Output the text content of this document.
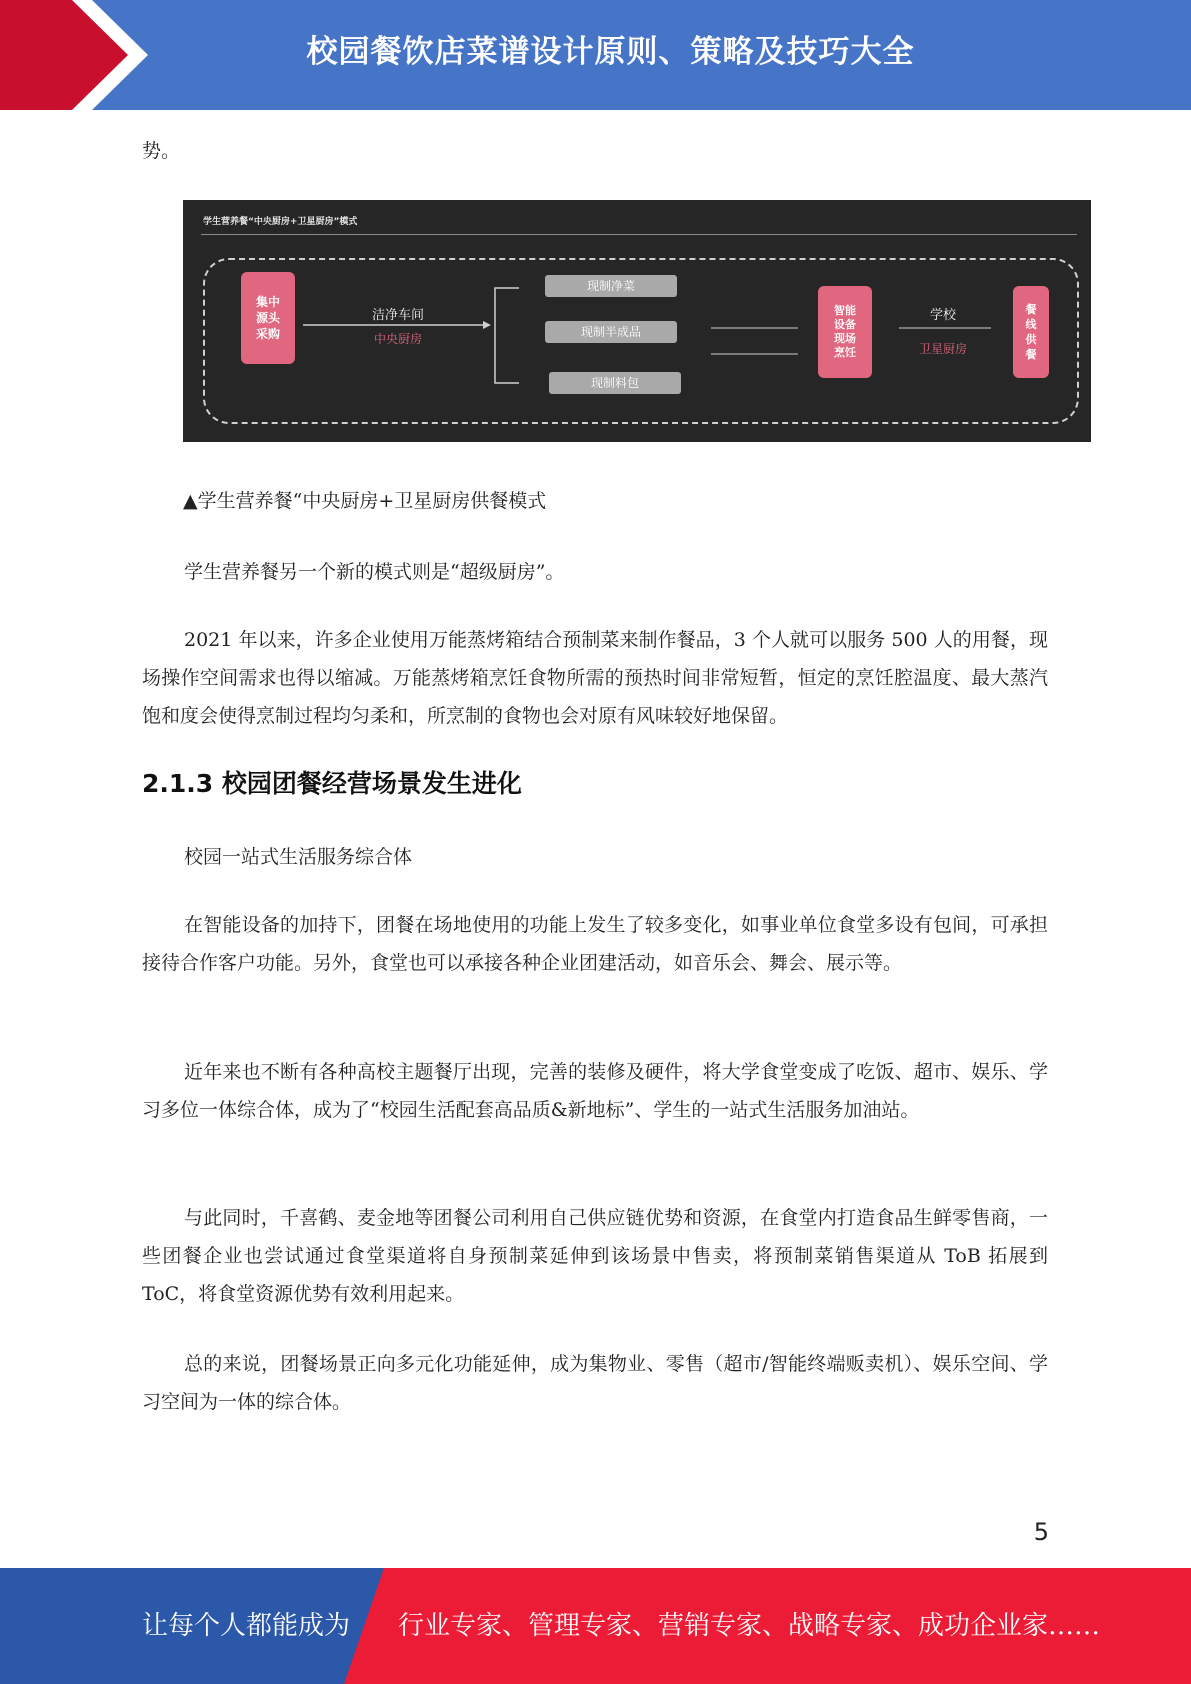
校园餐饮店菜谱设计原则、策略及技巧大全
势。
学生营养餐“中央厨房+卫星厨房”模式
集中
源头
采购
洁净车间
中央厨房
现制净菜
现制半成品
现制料包
智能
设备
现场
烹饪
学校
卫星厨房
餐
线
供
餐
▲学生营养餐“中央厨房+卫星厨房供餐模式
学生营养餐另一个新的模式则是“超级厨房”。
2021 年以来，许多企业使用万能蒸烤箱结合预制菜来制作餐品，3 个人就可以服务 500 人的用餐，现场操作空间需求也得以缩减。万能蒸烤箱烹饪食物所需的预热时间非常短暂，恒定的烹饪腔温度、最大蒸汽饱和度会使得烹制过程均匀柔和，所烹制的食物也会对原有风味较好地保留。
2.1.3 校园团餐经营场景发生进化
校园一站式生活服务综合体
在智能设备的加持下，团餐在场地使用的功能上发生了较多变化，如事业单位食堂多设有包间，可承担接待合作客户功能。另外，食堂也可以承接各种企业团建活动，如音乐会、舞会、展示等。
近年来也不断有各种高校主题餐厅出现，完善的装修及硬件，将大学食堂变成了吃饭、超市、娱乐、学习多位一体综合体，成为了“校园生活配套高品质&新地标”、学生的一站式生活服务加油站。
与此同时，千喜鹤、麦金地等团餐公司利用自己供应链优势和资源，在食堂内打造食品生鲜零售商，一些团餐企业也尝试通过食堂渠道将自身预制菜延伸到该场景中售卖，将预制菜销售渠道从 ToB 拓展到 ToC，将食堂资源优势有效利用起来。
总的来说，团餐场景正向多元化功能延伸，成为集物业、零售（超市/智能终端贩卖机）、娱乐空间、学习空间为一体的综合体。
5
让每个人都能成为 行业专家、管理专家、营销专家、战略专家、成功企业家……
